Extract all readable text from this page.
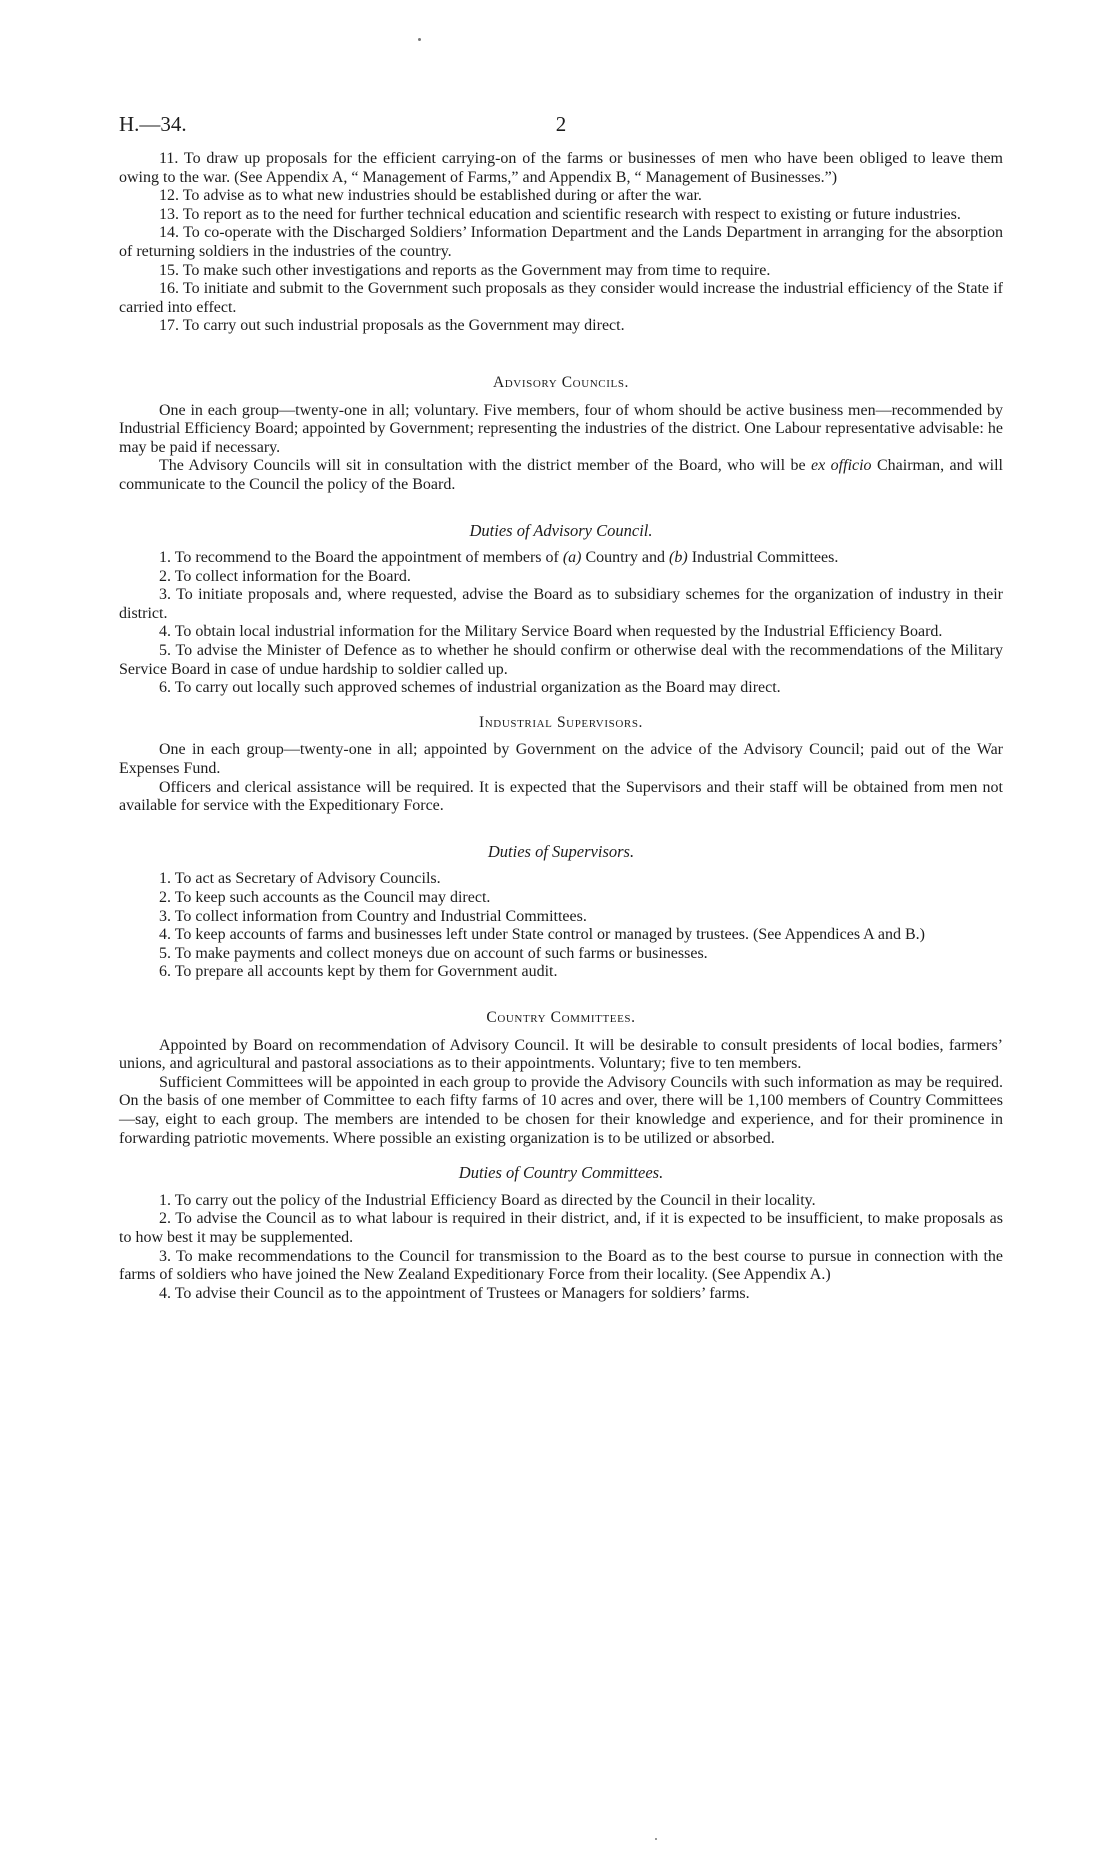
H.—34.	2

11. To draw up proposals for the efficient carrying-on of the farms or businesses of men who have been obliged to leave them owing to the war. (See Appendix A, “ Management of Farms,” and Appendix B, “ Management of Businesses.”)

12. To advise as to what new industries should be established during or after the war.

13. To report as to the need for further technical education and scientific research with respect to existing or future industries.

14. To co-operate with the Discharged Soldiers’ Information Department and the Lands Department in arranging for the absorption of returning soldiers in the industries of the country.

15. To make such other investigations and reports as the Government may from time to require.

16. To initiate and submit to the Government such proposals as they consider would increase the industrial efficiency of the State if carried into effect.

17. To carry out such industrial proposals as the Government may direct.

Advisory Councils.

One in each group—twenty-one in all; voluntary. Five members, four of whom should be active business men—recommended by Industrial Efficiency Board; appointed by Government; representing the industries of the district. One Labour representative advisable: he may be paid if necessary.

The Advisory Councils will sit in consultation with the district member of the Board, who will be ex officio Chairman, and will communicate to the Council the policy of the Board.

Duties of Advisory Council.

1. To recommend to the Board the appointment of members of (a) Country and (b) Industrial Committees.

2. To collect information for the Board.

3. To initiate proposals and, where requested, advise the Board as to subsidiary schemes for the organization of industry in their district.

4. To obtain local industrial information for the Military Service Board when requested by the Industrial Efficiency Board.

5. To advise the Minister of Defence as to whether he should confirm or otherwise deal with the recommendations of the Military Service Board in case of undue hardship to soldier called up.

6. To carry out locally such approved schemes of industrial organization as the Board may direct.

Industrial Supervisors.

One in each group—twenty-one in all; appointed by Government on the advice of the Advisory Council; paid out of the War Expenses Fund.

Officers and clerical assistance will be required. It is expected that the Supervisors and their staff will be obtained from men not available for service with the Expeditionary Force.

Duties of Supervisors.

1. To act as Secretary of Advisory Councils.

2. To keep such accounts as the Council may direct.

3. To collect information from Country and Industrial Committees.

4. To keep accounts of farms and businesses left under State control or managed by trustees. (See Appendices A and B.)

5. To make payments and collect moneys due on account of such farms or businesses.

6. To prepare all accounts kept by them for Government audit.

Country Committees.

Appointed by Board on recommendation of Advisory Council. It will be desirable to consult presidents of local bodies, farmers’ unions, and agricultural and pastoral associations as to their appointments. Voluntary; five to ten members.

Sufficient Committees will be appointed in each group to provide the Advisory Councils with such information as may be required. On the basis of one member of Committee to each fifty farms of 10 acres and over, there will be 1,100 members of Country Committees—say, eight to each group. The members are intended to be chosen for their knowledge and experience, and for their prominence in forwarding patriotic movements. Where possible an existing organization is to be utilized or absorbed.

Duties of Country Committees.

1. To carry out the policy of the Industrial Efficiency Board as directed by the Council in their locality.

2. To advise the Council as to what labour is required in their district, and, if it is expected to be insufficient, to make proposals as to how best it may be supplemented.

3. To make recommendations to the Council for transmission to the Board as to the best course to pursue in connection with the farms of soldiers who have joined the New Zealand Expeditionary Force from their locality. (See Appendix A.)

4. To advise their Council as to the appointment of Trustees or Managers for soldiers’ farms.
